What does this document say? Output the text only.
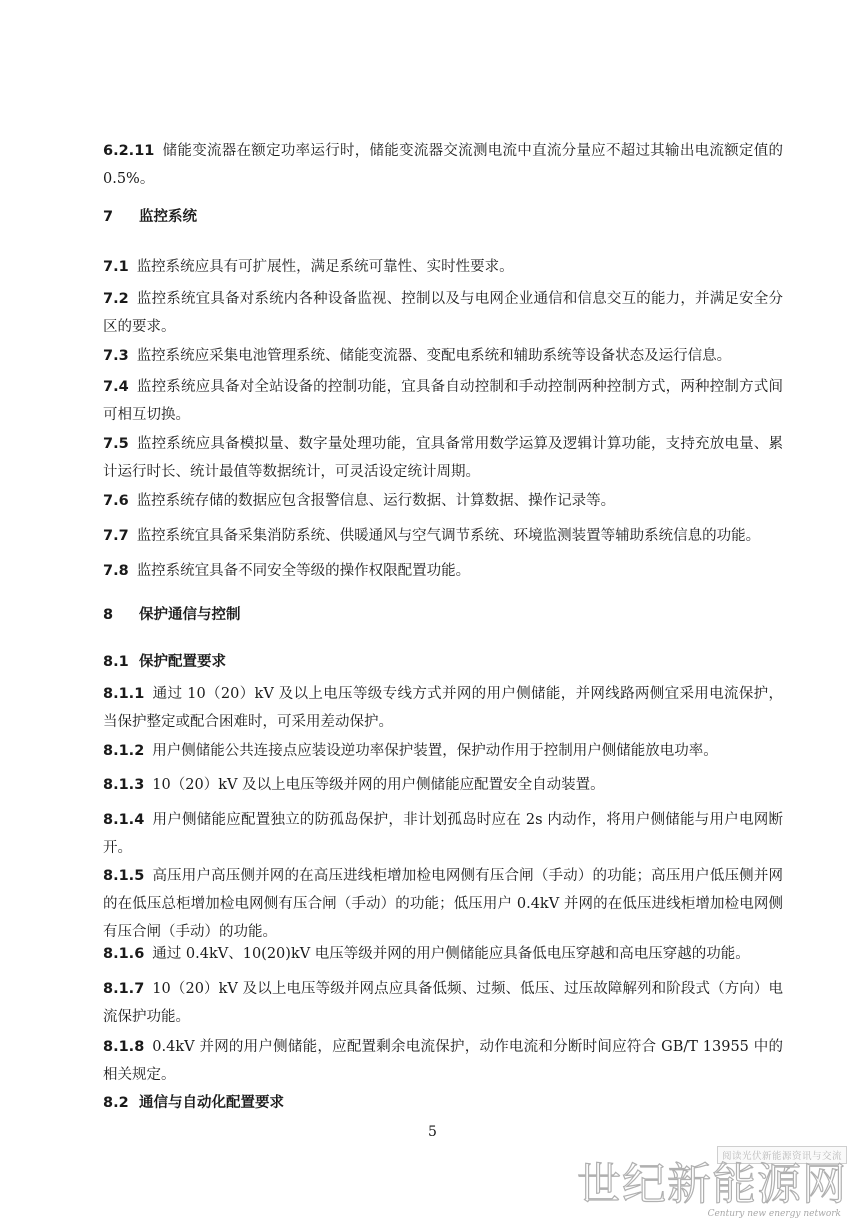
6.2.11 储能变流器在额定功率运行时，储能变流器交流测电流中直流分量应不超过其输出电流额定值的 0.5%。
7 监控系统
7.1 监控系统应具有可扩展性，满足系统可靠性、实时性要求。
7.2 监控系统宜具备对系统内各种设备监视、控制以及与电网企业通信和信息交互的能力，并满足安全分区的要求。
7.3 监控系统应采集电池管理系统、储能变流器、变配电系统和辅助系统等设备状态及运行信息。
7.4 监控系统应具备对全站设备的控制功能，宜具备自动控制和手动控制两种控制方式，两种控制方式间可相互切换。
7.5 监控系统应具备模拟量、数字量处理功能，宜具备常用数学运算及逻辑计算功能，支持充放电量、累计运行时长、统计最值等数据统计，可灵活设定统计周期。
7.6 监控系统存储的数据应包含报警信息、运行数据、计算数据、操作记录等。
7.7 监控系统宜具备采集消防系统、供暖通风与空气调节系统、环境监测装置等辅助系统信息的功能。
7.8 监控系统宜具备不同安全等级的操作权限配置功能。
8 保护通信与控制
8.1 保护配置要求
8.1.1 通过 10（20）kV 及以上电压等级专线方式并网的用户侧储能，并网线路两侧宜采用电流保护，当保护整定或配合困难时，可采用差动保护。
8.1.2 用户侧储能公共连接点应装设逆功率保护装置，保护动作用于控制用户侧储能放电功率。
8.1.3 10（20）kV 及以上电压等级并网的用户侧储能应配置安全自动装置。
8.1.4 用户侧储能应配置独立的防孤岛保护，非计划孤岛时应在 2s 内动作，将用户侧储能与用户电网断开。
8.1.5 高压用户高压侧并网的在高压进线柜增加检电网侧有压合闸（手动）的功能；高压用户低压侧并网的在低压总柜增加检电网侧有压合闸（手动）的功能；低压用户 0.4kV 并网的在低压进线柜增加检电网侧有压合闸（手动）的功能。
8.1.6 通过 0.4kV、10(20)kV 电压等级并网的用户侧储能应具备低电压穿越和高电压穿越的功能。
8.1.7 10（20）kV 及以上电压等级并网点应具备低频、过频、低压、过压故障解列和阶段式（方向）电流保护功能。
8.1.8 0.4kV 并网的用户侧储能，应配置剩余电流保护，动作电流和分断时间应符合 GB/T 13955 中的相关规定。
8.2 通信与自动化配置要求
5
阅读光伏新能源资讯与交流
世纪新能源网
Century new energy network
